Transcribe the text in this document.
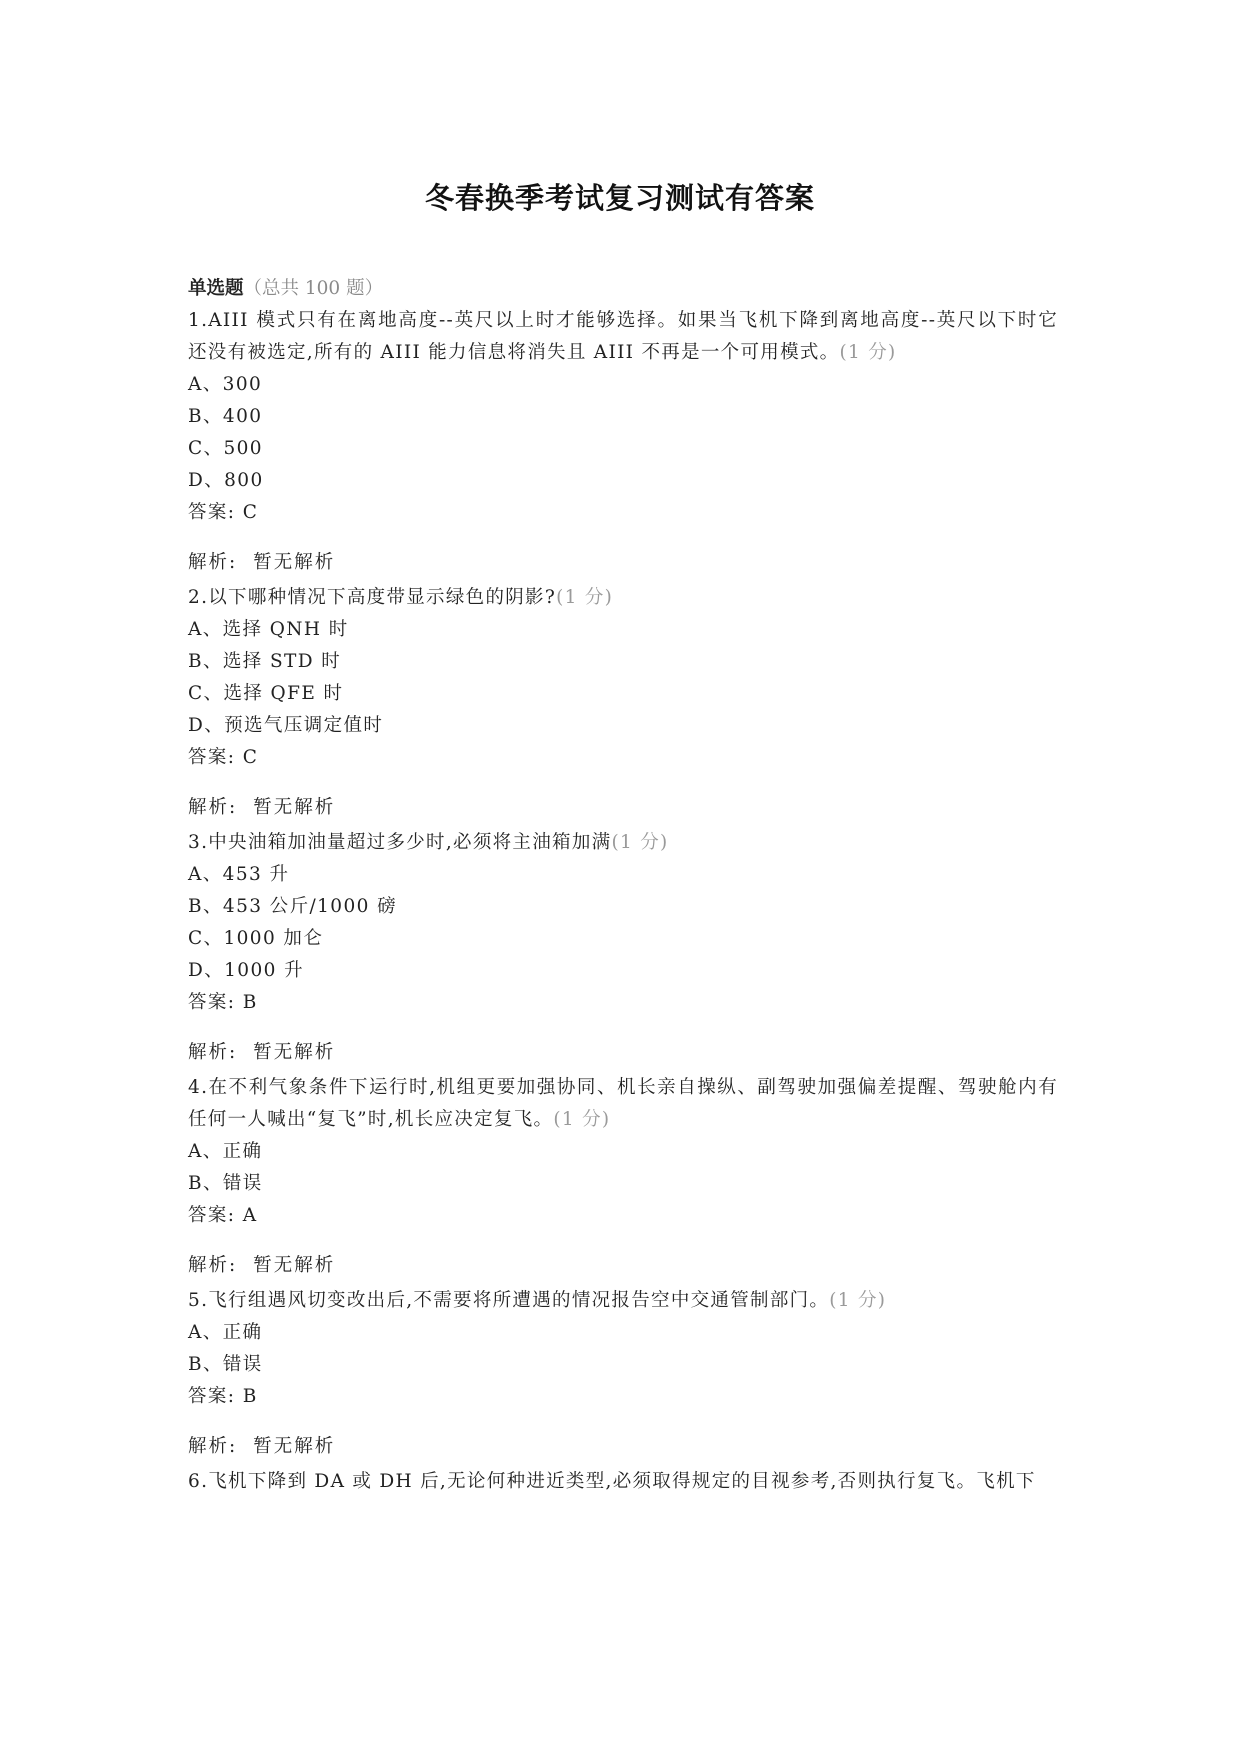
冬春换季考试复习测试有答案
单选题（总共 100 题）
1.AIII 模式只有在离地高度--英尺以上时才能够选择。如果当飞机下降到离地高度--英尺以下时它还没有被选定,所有的 AIII 能力信息将消失且 AIII 不再是一个可用模式。(1 分)
A、300
B、400
C、500
D、800
答案: C
解析: 暂无解析
2.以下哪种情况下高度带显示绿色的阴影?(1 分)
A、选择 QNH 时
B、选择 STD 时
C、选择 QFE 时
D、预选气压调定值时
答案: C
解析: 暂无解析
3.中央油箱加油量超过多少时,必须将主油箱加满(1 分)
A、453 升
B、453 公斤/1000 磅
C、1000 加仑
D、1000 升
答案: B
解析: 暂无解析
4.在不利气象条件下运行时,机组更要加强协同、机长亲自操纵、副驾驶加强偏差提醒、驾驶舱内有任何一人喊出“复飞”时,机长应决定复飞。(1 分)
A、正确
B、错误
答案: A
解析: 暂无解析
5.飞行组遇风切变改出后,不需要将所遭遇的情况报告空中交通管制部门。(1 分)
A、正确
B、错误
答案: B
解析: 暂无解析
6.飞机下降到 DA 或 DH 后,无论何种进近类型,必须取得规定的目视参考,否则执行复飞。飞机下
